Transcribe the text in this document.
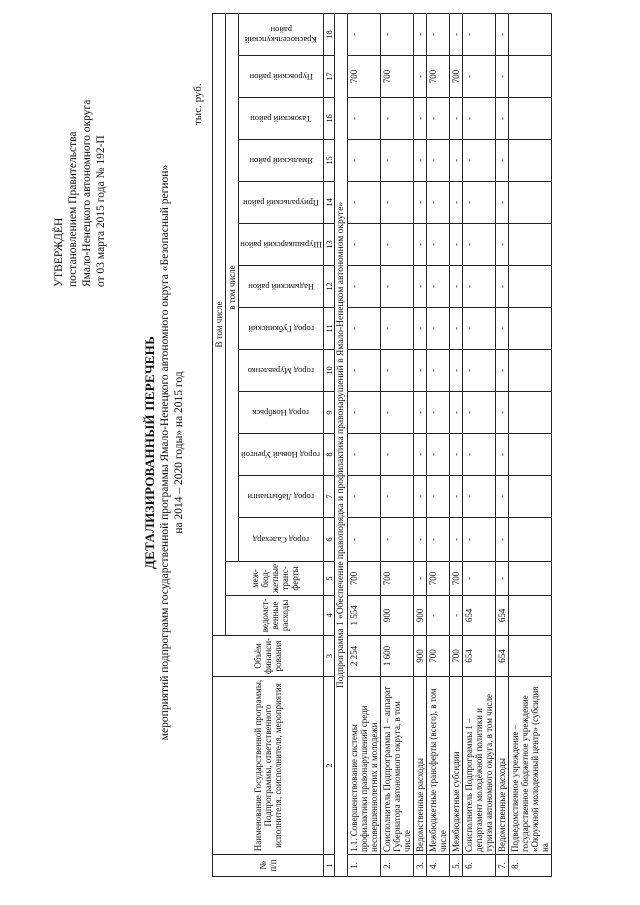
УТВЕРЖДЁН постановлением Правительства Ямало-Ненецкого автономного округа от 03 марта 2015 года № 192-П
ДЕТАЛИЗИРОВАННЫЙ ПЕРЕЧЕНЬ мероприятий подпрограмм государственной программы Ямало-Ненецкого автономного округа «Безопасный регион» на 2014 – 2020 годы» на 2015 год
тыс. руб.
№ п/п	Наименование Государственной программы, Подпрограммы, ответственного исполнителя, соисполнителя, мероприятия	Объём финанси-рования	В том числе														
			ведомст-венные расходы	меж-бюд-жетные транс-ферты	в том числе												

					город Салехард	город Лабытнанги	город Новый Уренгой	город Ноябрьск	город Муравленко	город Губкинский	Надымский район	Шурышкарский район	Приуральский район	Ямальский район	Тазовский район	Пуровский район	Красноселькупский район

1	2	3	4	5	6	7	8	9	10	11	12	13	14	15	16	17	18
Подпрограмма 1 «Обеспечение правопорядка и профилактика правонарушений в Ямало-Ненецком автономном округе»																	
1.	1.1. Совершенствование системы профилактики правонарушений среди несовершеннолетних и молодежи	2 254	1 554	700	-	-	-	-	-	-	-	-	-	-	-	700	-
2.	Соисполнитель Подпрограммы 1 – аппарат Губернатора автономного округа, в том числе	1 600	900	700	-	-	-	-	-	-	-	-	-	-	-	700	-
3.	Ведомственные расходы	900	900	-	-	-	-	-	-	-	-	-	-	-	-	-	-
4.	Межбюджетные трансферты (всего), в том числе	700	-	700	-	-	-	-	-	-	-	-	-	-	-	700	-
5.	Межбюджетные субсидии	700	-	700	-	-	-	-	-	-	-	-	-	-	-	700	-
6.	Соисполнитель Подпрограммы 1 – департамент молодёжной политики и туризма автономного округа, в том числе	654	654	-	-	-	-	-	-	-	-	-	-	-	-	-	-
7.	Ведомственные расходы	654	654	-	-	-	-	-	-	-	-	-	-	-	-	-	-
8.	Подведомственное учреждение – государственное бюджетное учреждение «Окружной молодежный центр» (субсидия на																
